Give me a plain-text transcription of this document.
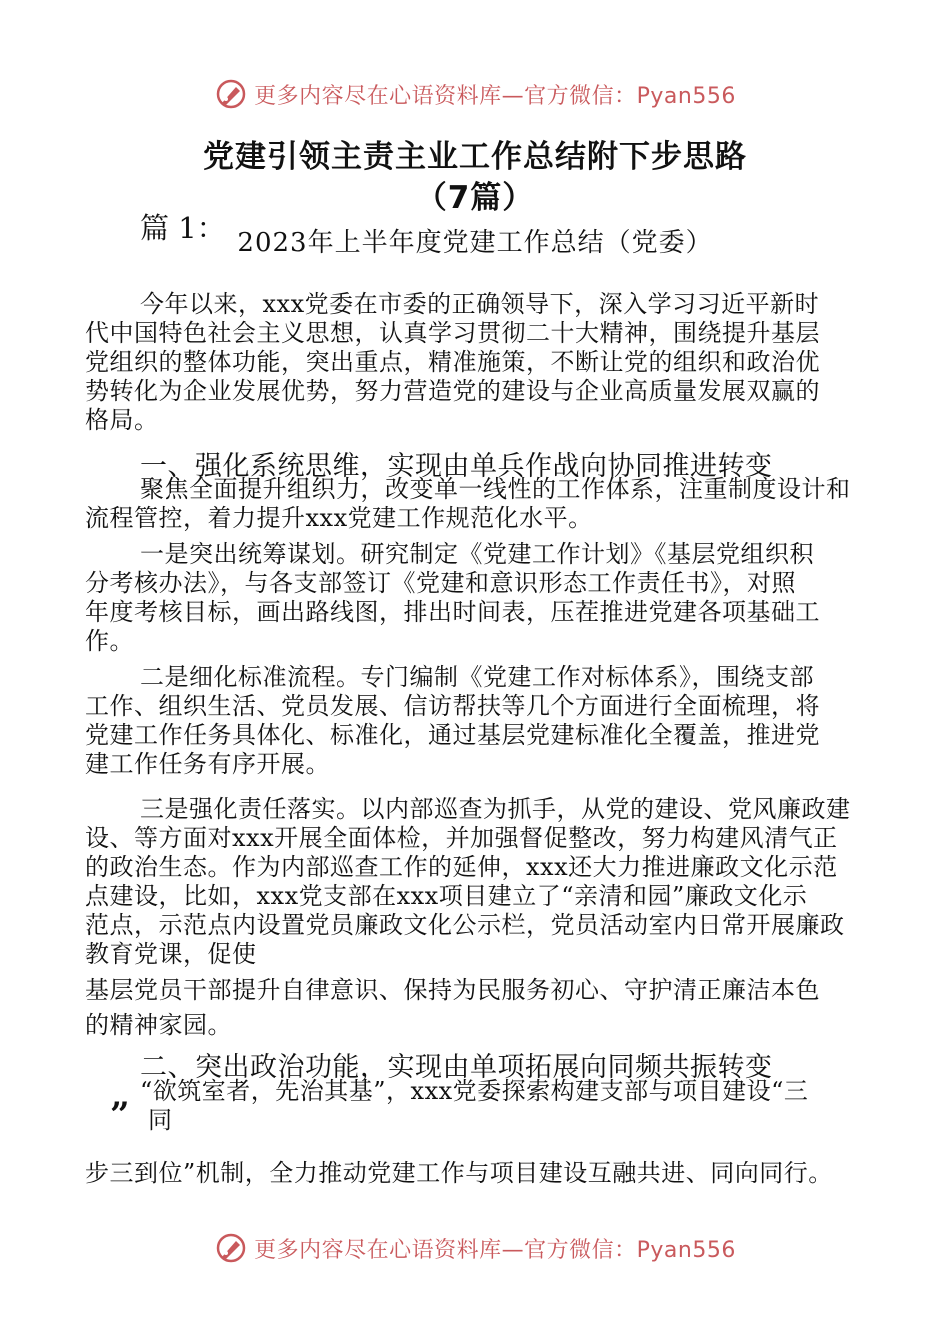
更多内容尽在心语资料库—官方微信：Pyan556
党建引领主责主业工作总结附下步思路
（7篇）
篇 1： 2023年上半年度党建工作总结（党委）
今年以来，xxx党委在市委的正确领导下，深入学习习近平新时
代中国特色社会主义思想，认真学习贯彻二十大精神，围绕提升基层
党组织的整体功能，突出重点，精准施策，不断让党的组织和政治优
势转化为企业发展优势，努力营造党的建设与企业高质量发展双赢的
格局。
一、强化系统思维，实现由单兵作战向协同推进转变
聚焦全面提升组织力，改变单一线性的工作体系，注重制度设计和
流程管控，着力提升xxx党建工作规范化水平。
一是突出统筹谋划。研究制定《党建工作计划》《基层党组织积
分考核办法》，与各支部签订《党建和意识形态工作责任书》，对照
年度考核目标，画出路线图，排出时间表，压茬推进党建各项基础工
作。
二是细化标准流程。专门编制《党建工作对标体系》，围绕支部
工作、组织生活、党员发展、信访帮扶等几个方面进行全面梳理，将
党建工作任务具体化、标准化，通过基层党建标准化全覆盖，推进党
建工作任务有序开展。
三是强化责任落实。以内部巡查为抓手，从党的建设、党风廉政建
设、等方面对xxx开展全面体检，并加强督促整改，努力构建风清气正
的政治生态。作为内部巡查工作的延伸，xxx还大力推进廉政文化示范
点建设，比如，xxx党支部在xxx项目建立了“亲清和园”廉政文化示
范点，示范点内设置党员廉政文化公示栏，党员活动室内日常开展廉政
教育党课，促使
基层党员干部提升自律意识、保持为民服务初心、守护清正廉洁本色
的精神家园。
二、突出政治功能，实现由单项拓展向同频共振转变
“欲筑室者，先治其基”，xxx党委探索构建支部与项目建设“三
同
”
步三到位”机制，全力推动党建工作与项目建设互融共进、同向同行。
更多内容尽在心语资料库—官方微信：Pyan556
